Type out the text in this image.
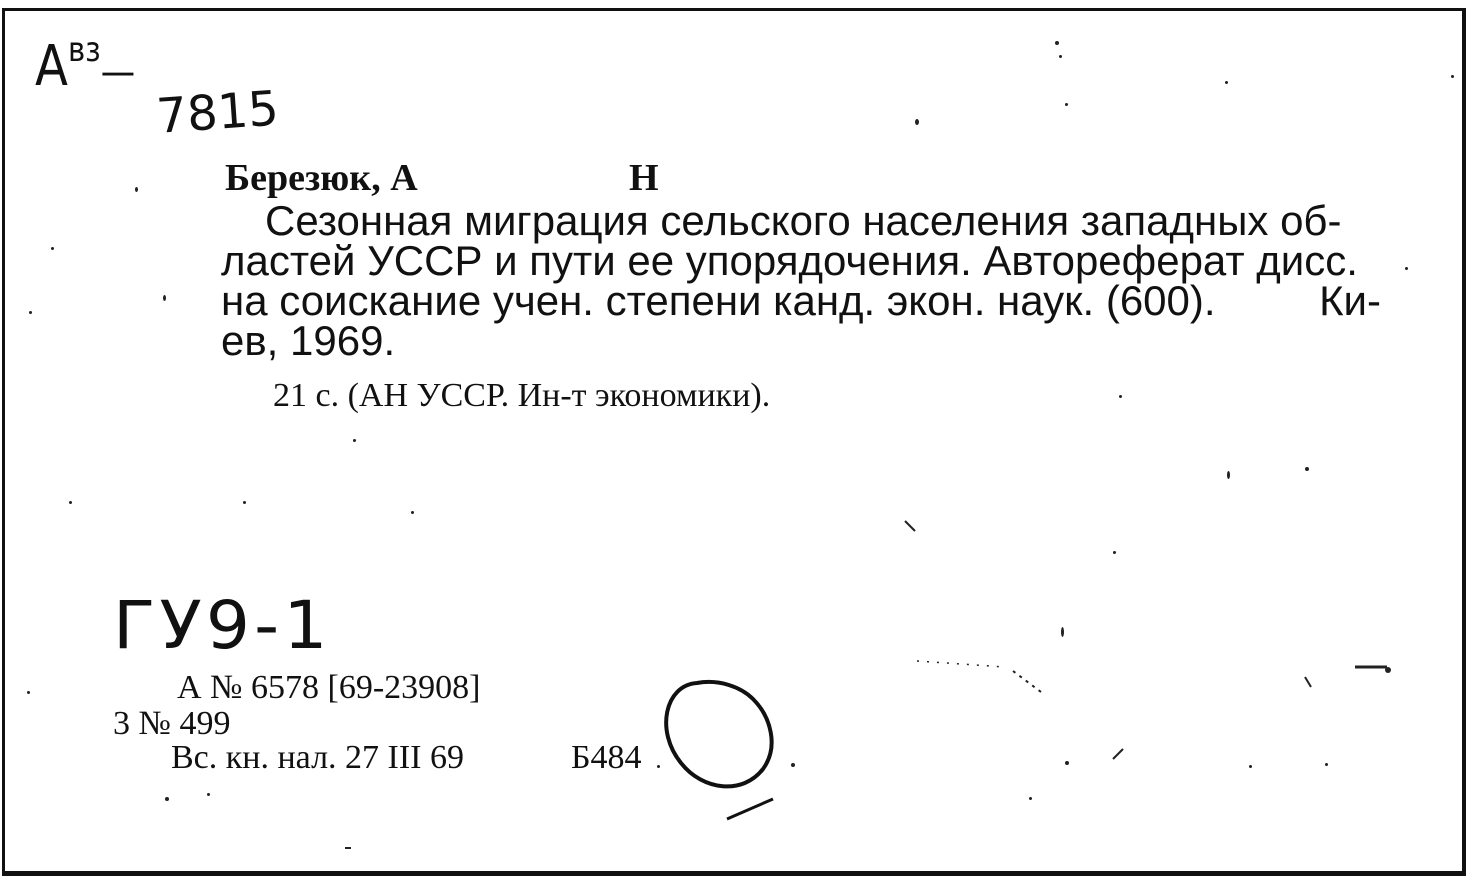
$А^{вз}—$
7815
Березюк, А	Н
Сезонная миграция сельского населения западных об-
ластей УССР и пути ее упорядочения. Автореферат дисс.
на соискание учен. степени канд. экон. наук. (600). Ки-
ев, 1969.
21 с. (АН УССР. Ин-т экономики).
ГУ9-1
А № 6578 [69-23908]
3 № 499
Вс. кн. нал. 27 III 69	Б484
